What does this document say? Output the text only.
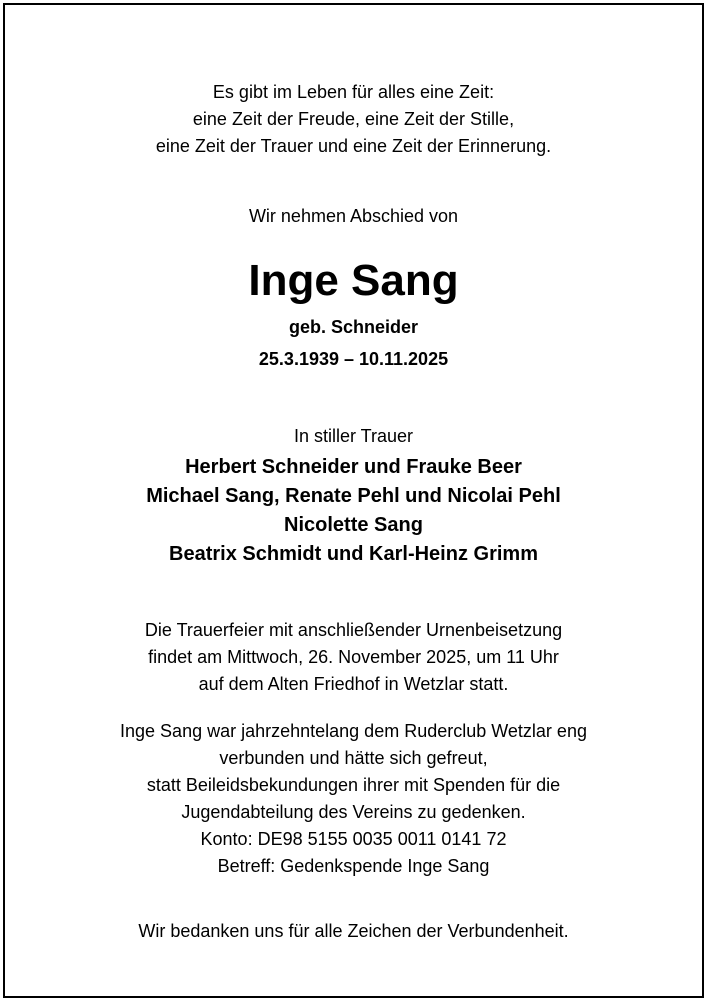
Es gibt im Leben für alles eine Zeit:
eine Zeit der Freude, eine Zeit der Stille,
eine Zeit der Trauer und eine Zeit der Erinnerung.
Wir nehmen Abschied von
Inge Sang
geb. Schneider
25.3.1939 – 10.11.2025
In stiller Trauer
Herbert Schneider und Frauke Beer
Michael Sang, Renate Pehl und Nicolai Pehl
Nicolette Sang
Beatrix Schmidt und Karl-Heinz Grimm
Die Trauerfeier mit anschließender Urnenbeisetzung
findet am Mittwoch, 26. November 2025, um 11 Uhr
auf dem Alten Friedhof in Wetzlar statt.
Inge Sang war jahrzehntelang dem Ruderclub Wetzlar eng
verbunden und hätte sich gefreut,
statt Beileidsbekundungen ihrer mit Spenden für die
Jugendabteilung des Vereins zu gedenken.
Konto: DE98 5155 0035 0011 0141 72
Betreff: Gedenkspende Inge Sang
Wir bedanken uns für alle Zeichen der Verbundenheit.
